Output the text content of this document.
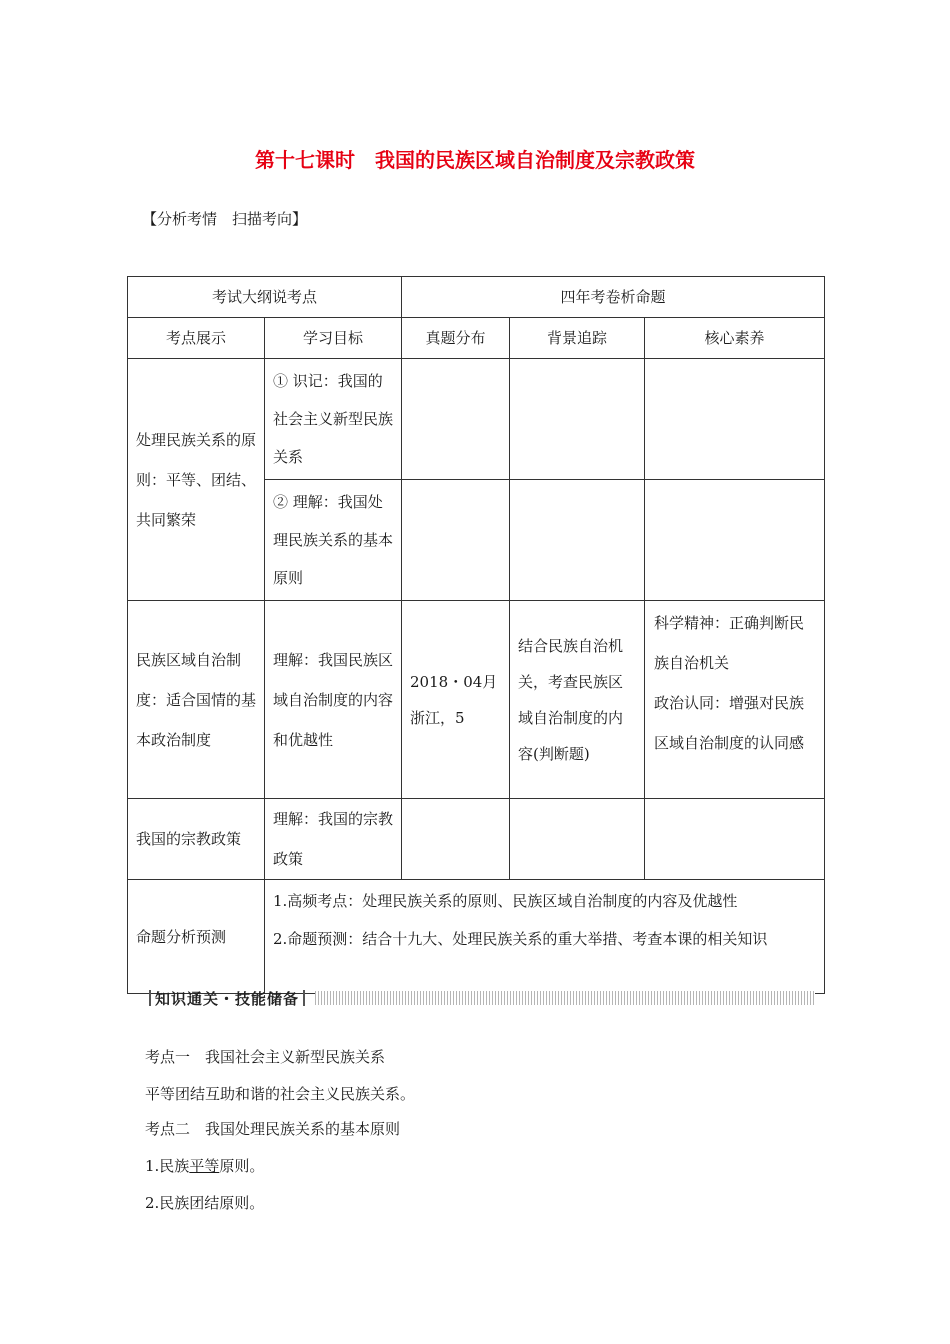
第十七课时　我国的民族区域自治制度及宗教政策
【分析考情　扫描考向】
考试大纲说考点		四年考卷析命题		
考点展示	学习目标	真题分布	背景追踪	核心素养
处理民族关系的原则：平等、团结、共同繁荣	① 识记：我国的社会主义新型民族关系			
	② 理解：我国处理民族关系的基本原则			
民族区域自治制度：适合国情的基本政治制度	理解：我国民族区域自治制度的内容和优越性	2018・04月浙江，5	结合民族自治机关，考查民族区域自治制度的内容(判断题)	科学精神：正确判断民族自治机关
政治认同：增强对民族区域自治制度的认同感

我国的宗教政策	理解：我国的宗教政策			
命题分析预测	1.高频考点：处理民族关系的原则、民族区域自治制度的内容及优越性
2.命题预测：结合十九大、处理民族关系的重大举措、考查本课的相关知识			
知识通关・技能储备
考点一　我国社会主义新型民族关系
平等团结互助和谐的社会主义民族关系。
考点二　我国处理民族关系的基本原则
1.民族平等原则。
2.民族团结原则。
